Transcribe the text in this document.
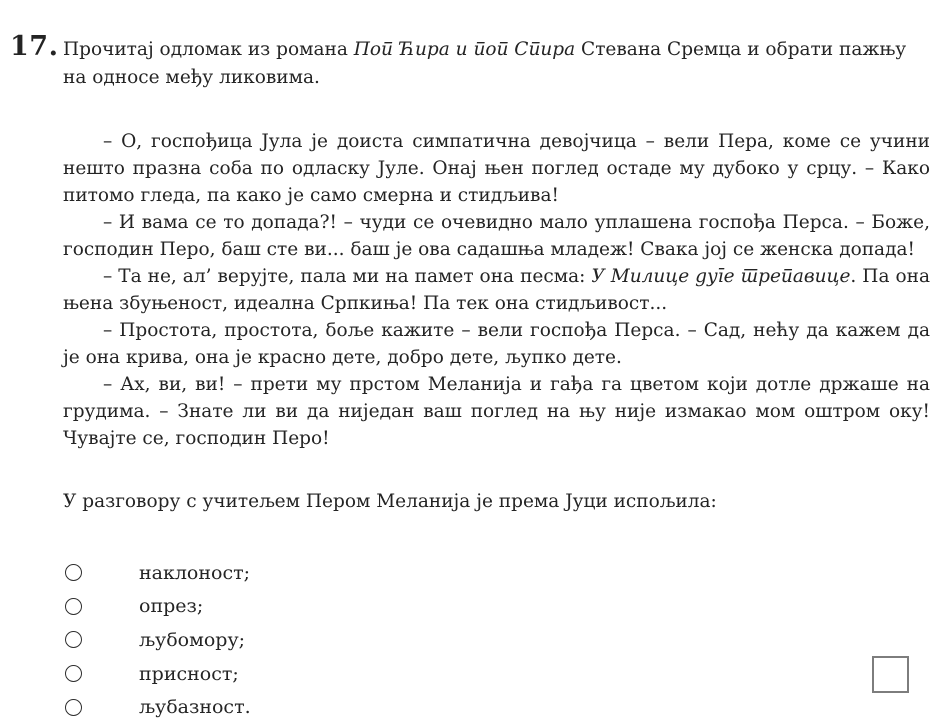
17. Прочитај одломак из романа Поп Ћира и поп Спира Стевана Сремца и обрати пажњу на односе међу ликовима.

– О, госпођица Јула је доиста симпатична девојчица – вели Пера, коме се учини нешто празна соба по одласку Јуле. Онај њен поглед остаде му дубоко у срцу. – Како питомо гледа, па како је само смерна и стидљива!

– И вама се то допада?! – чуди се очевидно мало уплашена госпођа Перса. – Боже, господин Перо, баш сте ви... баш је ова садашња младеж! Свака јој се женска допада!

– Та не, ал’ верујте, пала ми на памет она песма: У Милице дуге трепавице. Па она њена збуњеност, идеална Српкиња! Па тек она стидљивост...

– Простота, простота, боље кажите – вели госпођа Перса. – Сад, нећу да кажем да је она крива, она је красно дете, добро дете, љупко дете.

– Ах, ви, ви! – прети му прстом Меланија и гађа га цветом који дотле држаше на грудима. – Знате ли ви да ниједан ваш поглед на њу није измакао мом оштром оку! Чувајте се, господин Перо!

У разговору с учитељем Пером Меланија је према Јуци испољила:

наклоност;
опрез;
љубомору;
присност;
љубазност.
